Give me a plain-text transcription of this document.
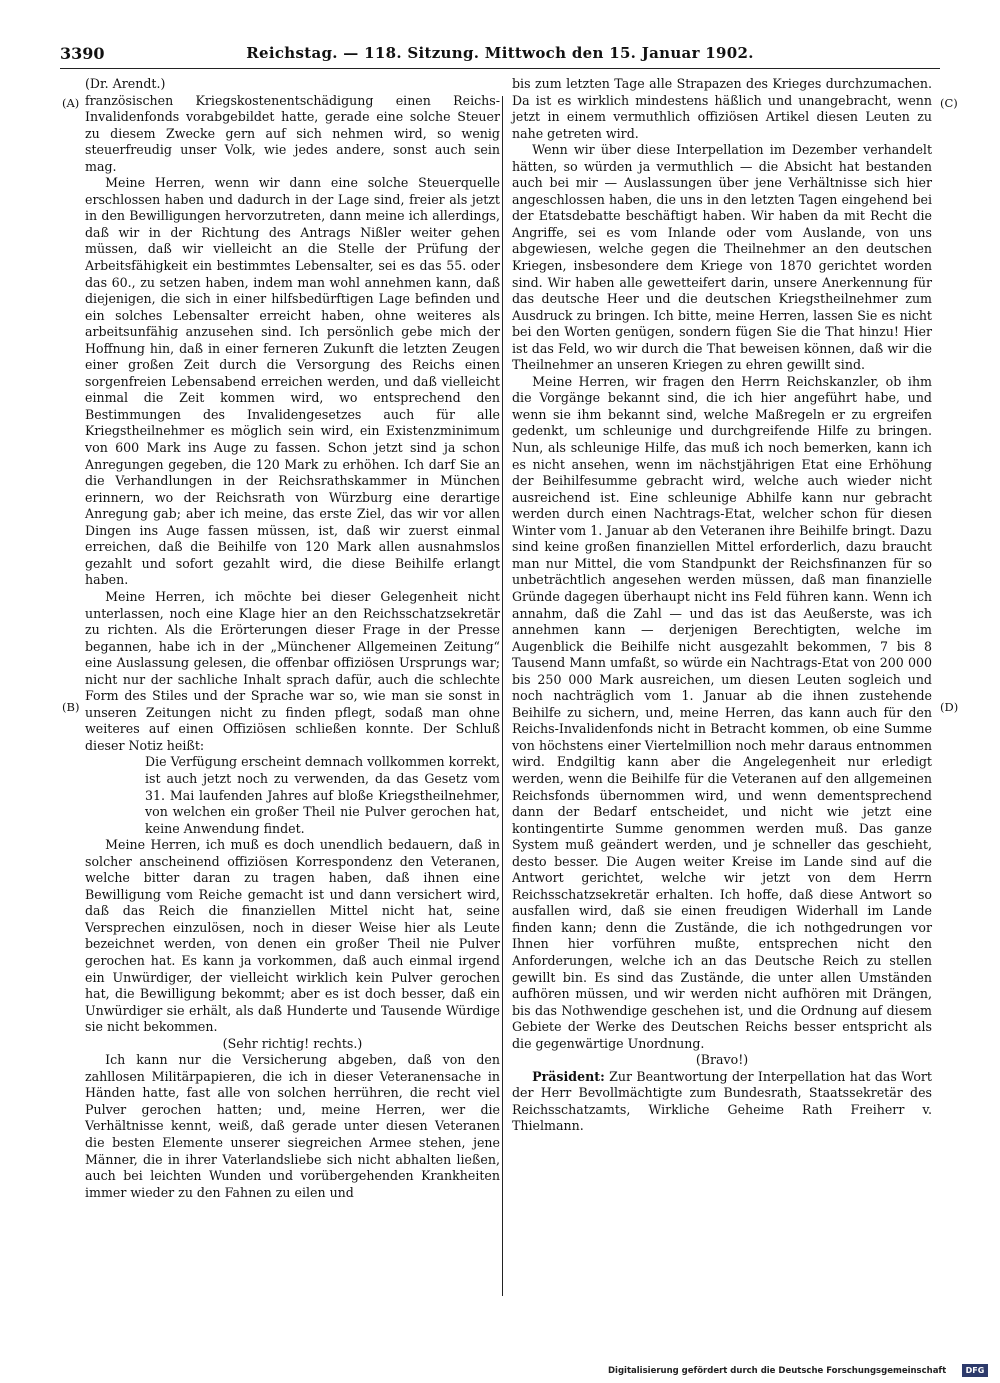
3390	Reichstag. — 118. Sitzung. Mittwoch den 15. Januar 1902.
(A)
(B)
(C)
(D)

(Dr. Arendt.)

französischen Kriegskostenentschädigung einen Reichs-Invalidenfonds vorabgebildet hatte, gerade eine solche Steuer zu diesem Zwecke gern auf sich nehmen wird, so wenig steuerfreudig unser Volk, wie jedes andere, sonst auch sein mag.

Meine Herren, wenn wir dann eine solche Steuerquelle erschlossen haben und dadurch in der Lage sind, freier als jetzt in den Bewilligungen hervorzutreten, dann meine ich allerdings, daß wir in der Richtung des Antrags Nißler weiter gehen müssen, daß wir vielleicht an die Stelle der Prüfung der Arbeitsfähigkeit ein bestimmtes Lebensalter, sei es das 55. oder das 60., zu setzen haben, indem man wohl annehmen kann, daß diejenigen, die sich in einer hilfsbedürftigen Lage befinden und ein solches Lebensalter erreicht haben, ohne weiteres als arbeitsunfähig anzusehen sind. Ich persönlich gebe mich der Hoffnung hin, daß in einer ferneren Zukunft die letzten Zeugen einer großen Zeit durch die Versorgung des Reichs einen sorgenfreien Lebensabend erreichen werden, und daß vielleicht einmal die Zeit kommen wird, wo entsprechend den Bestimmungen des Invalidengesetzes auch für alle Kriegstheilnehmer es möglich sein wird, ein Existenzminimum von 600 Mark ins Auge zu fassen. Schon jetzt sind ja schon Anregungen gegeben, die 120 Mark zu erhöhen. Ich darf Sie an die Verhandlungen in der Reichsrathskammer in München erinnern, wo der Reichsrath von Würzburg eine derartige Anregung gab; aber ich meine, das erste Ziel, das wir vor allen Dingen ins Auge fassen müssen, ist, daß wir zuerst einmal erreichen, daß die Beihilfe von 120 Mark allen ausnahmslos gezahlt und sofort gezahlt wird, die diese Beihilfe erlangt haben.

Meine Herren, ich möchte bei dieser Gelegenheit nicht unterlassen, noch eine Klage hier an den Reichsschatzsekretär zu richten. Als die Erörterungen dieser Frage in der Presse begannen, habe ich in der „Münchener Allgemeinen Zeitung“ eine Auslassung gelesen, die offenbar offiziösen Ursprungs war; nicht nur der sachliche Inhalt sprach dafür, auch die schlechte Form des Stiles und der Sprache war so, wie man sie sonst in unseren Zeitungen nicht zu finden pflegt, sodaß man ohne weiteres auf einen Offiziösen schließen konnte. Der Schluß dieser Notiz heißt:

Die Verfügung erscheint demnach vollkommen korrekt, ist auch jetzt noch zu verwenden, da das Gesetz vom 31. Mai laufenden Jahres auf bloße Kriegstheilnehmer, von welchen ein großer Theil nie Pulver gerochen hat, keine Anwendung findet.

Meine Herren, ich muß es doch unendlich bedauern, daß in solcher anscheinend offiziösen Korrespondenz den Veteranen, welche bitter daran zu tragen haben, daß ihnen eine Bewilligung vom Reiche gemacht ist und dann versichert wird, daß das Reich die finanziellen Mittel nicht hat, seine Versprechen einzulösen, noch in dieser Weise hier als Leute bezeichnet werden, von denen ein großer Theil nie Pulver gerochen hat. Es kann ja vorkommen, daß auch einmal irgend ein Unwürdiger, der vielleicht wirklich kein Pulver gerochen hat, die Bewilligung bekommt; aber es ist doch besser, daß ein Unwürdiger sie erhält, als daß Hunderte und Tausende Würdige sie nicht bekommen.

(Sehr richtig! rechts.)

Ich kann nur die Versicherung abgeben, daß von den zahllosen Militärpapieren, die ich in dieser Veteranensache in Händen hatte, fast alle von solchen herrühren, die recht viel Pulver gerochen hatten; und, meine Herren, wer die Verhältnisse kennt, weiß, daß gerade unter diesen Veteranen die besten Elemente unserer siegreichen Armee stehen, jene Männer, die in ihrer Vaterlandsliebe sich nicht abhalten ließen, auch bei leichten Wunden und vorübergehenden Krankheiten immer wieder zu den Fahnen zu eilen und

bis zum letzten Tage alle Strapazen des Krieges durchzumachen. Da ist es wirklich mindestens häßlich und unangebracht, wenn jetzt in einem vermuthlich offiziösen Artikel diesen Leuten zu nahe getreten wird.

Wenn wir über diese Interpellation im Dezember verhandelt hätten, so würden ja vermuthlich — die Absicht hat bestanden auch bei mir — Auslassungen über jene Verhältnisse sich hier angeschlossen haben, die uns in den letzten Tagen eingehend bei der Etatsdebatte beschäftigt haben. Wir haben da mit Recht die Angriffe, sei es vom Inlande oder vom Auslande, von uns abgewiesen, welche gegen die Theilnehmer an den deutschen Kriegen, insbesondere dem Kriege von 1870 gerichtet worden sind. Wir haben alle gewetteifert darin, unsere Anerkennung für das deutsche Heer und die deutschen Kriegstheilnehmer zum Ausdruck zu bringen. Ich bitte, meine Herren, lassen Sie es nicht bei den Worten genügen, sondern fügen Sie die That hinzu! Hier ist das Feld, wo wir durch die That beweisen können, daß wir die Theilnehmer an unseren Kriegen zu ehren gewillt sind.

Meine Herren, wir fragen den Herrn Reichskanzler, ob ihm die Vorgänge bekannt sind, die ich hier angeführt habe, und wenn sie ihm bekannt sind, welche Maßregeln er zu ergreifen gedenkt, um schleunige und durchgreifende Hilfe zu bringen. Nun, als schleunige Hilfe, das muß ich noch bemerken, kann ich es nicht ansehen, wenn im nächstjährigen Etat eine Erhöhung der Beihilfesumme gebracht wird, welche auch wieder nicht ausreichend ist. Eine schleunige Abhilfe kann nur gebracht werden durch einen Nachtrags-Etat, welcher schon für diesen Winter vom 1. Januar ab den Veteranen ihre Beihilfe bringt. Dazu sind keine großen finanziellen Mittel erforderlich, dazu braucht man nur Mittel, die vom Standpunkt der Reichsfinanzen für so unbeträchtlich angesehen werden müssen, daß man finanzielle Gründe dagegen überhaupt nicht ins Feld führen kann. Wenn ich annahm, daß die Zahl — und das ist das Aeußerste, was ich annehmen kann — derjenigen Berechtigten, welche im Augenblick die Beihilfe nicht ausgezahlt bekommen, 7 bis 8 Tausend Mann umfaßt, so würde ein Nachtrags-Etat von 200 000 bis 250 000 Mark ausreichen, um diesen Leuten sogleich und noch nachträglich vom 1. Januar ab die ihnen zustehende Beihilfe zu sichern, und, meine Herren, das kann auch für den Reichs-Invalidenfonds nicht in Betracht kommen, ob eine Summe von höchstens einer Viertelmillion noch mehr daraus entnommen wird. Endgiltig kann aber die Angelegenheit nur erledigt werden, wenn die Beihilfe für die Veteranen auf den allgemeinen Reichsfonds übernommen wird, und wenn dementsprechend dann der Bedarf entscheidet, und nicht wie jetzt eine kontingentirte Summe genommen werden muß. Das ganze System muß geändert werden, und je schneller das geschieht, desto besser. Die Augen weiter Kreise im Lande sind auf die Antwort gerichtet, welche wir jetzt von dem Herrn Reichsschatzsekretär erhalten. Ich hoffe, daß diese Antwort so ausfallen wird, daß sie einen freudigen Widerhall im Lande finden kann; denn die Zustände, die ich nothgedrungen vor Ihnen hier vorführen mußte, entsprechen nicht den Anforderungen, welche ich an das Deutsche Reich zu stellen gewillt bin. Es sind das Zustände, die unter allen Umständen aufhören müssen, und wir werden nicht aufhören mit Drängen, bis das Nothwendige geschehen ist, und die Ordnung auf diesem Gebiete der Werke des Deutschen Reichs besser entspricht als die gegenwärtige Unordnung.

(Bravo!)

Präsident: Zur Beantwortung der Interpellation hat das Wort der Herr Bevollmächtigte zum Bundesrath, Staatssekretär des Reichsschatzamts, Wirkliche Geheime Rath Freiherr v. Thielmann.

Digitalisierung gefördert durch die Deutsche Forschungsgemeinschaft	DFG
